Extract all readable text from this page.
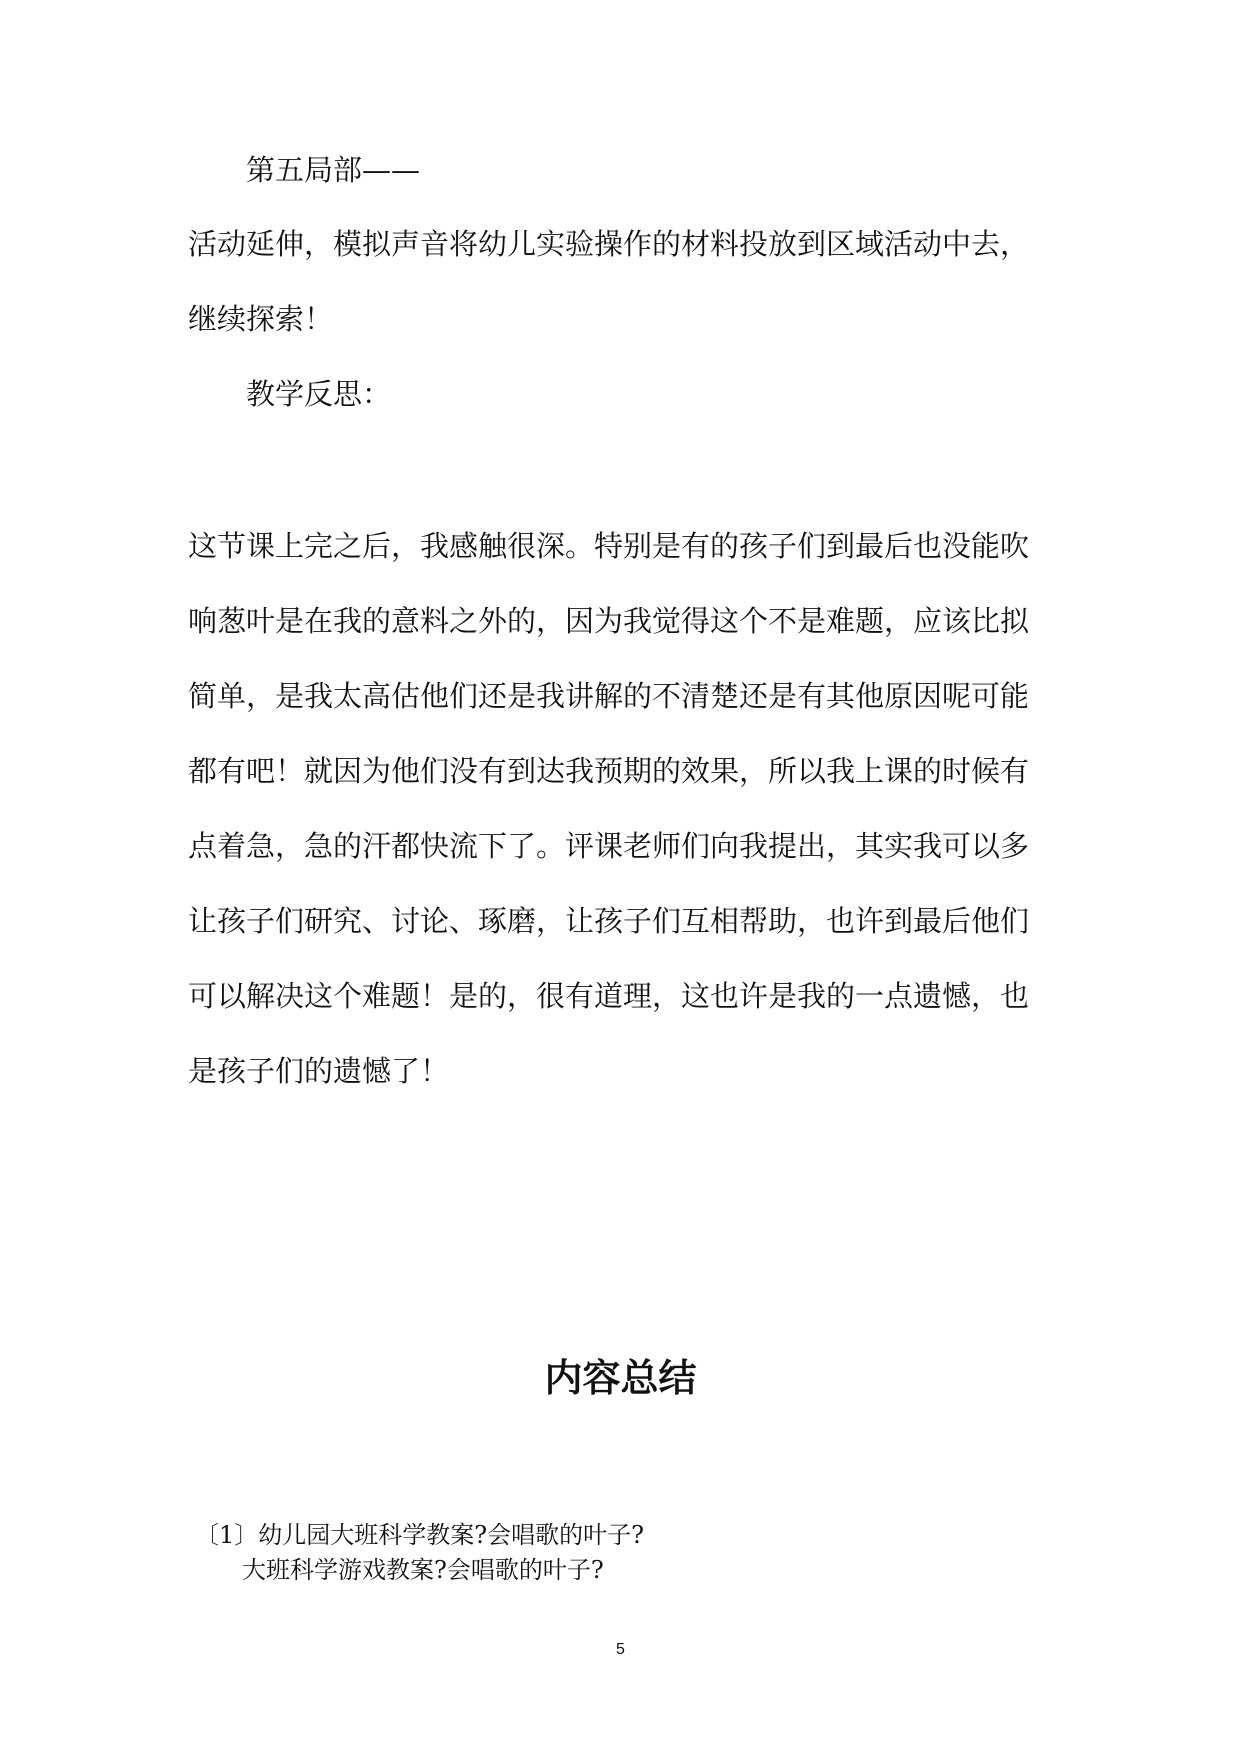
第五局部——
活动延伸，模拟声音将幼儿实验操作的材料投放到区域活动中去，
继续探索！
教学反思：
这节课上完之后，我感触很深。特别是有的孩子们到最后也没能吹
响葱叶是在我的意料之外的，因为我觉得这个不是难题，应该比拟
简单，是我太高估他们还是我讲解的不清楚还是有其他原因呢可能
都有吧！就因为他们没有到达我预期的效果，所以我上课的时候有
点着急，急的汗都快流下了。评课老师们向我提出，其实我可以多
让孩子们研究、讨论、琢磨，让孩子们互相帮助，也许到最后他们
可以解决这个难题！是的，很有道理，这也许是我的一点遗憾，也
是孩子们的遗憾了！
内容总结
〔1〕幼儿园大班科学教案?会唱歌的叶子?
大班科学游戏教案?会唱歌的叶子?
5
